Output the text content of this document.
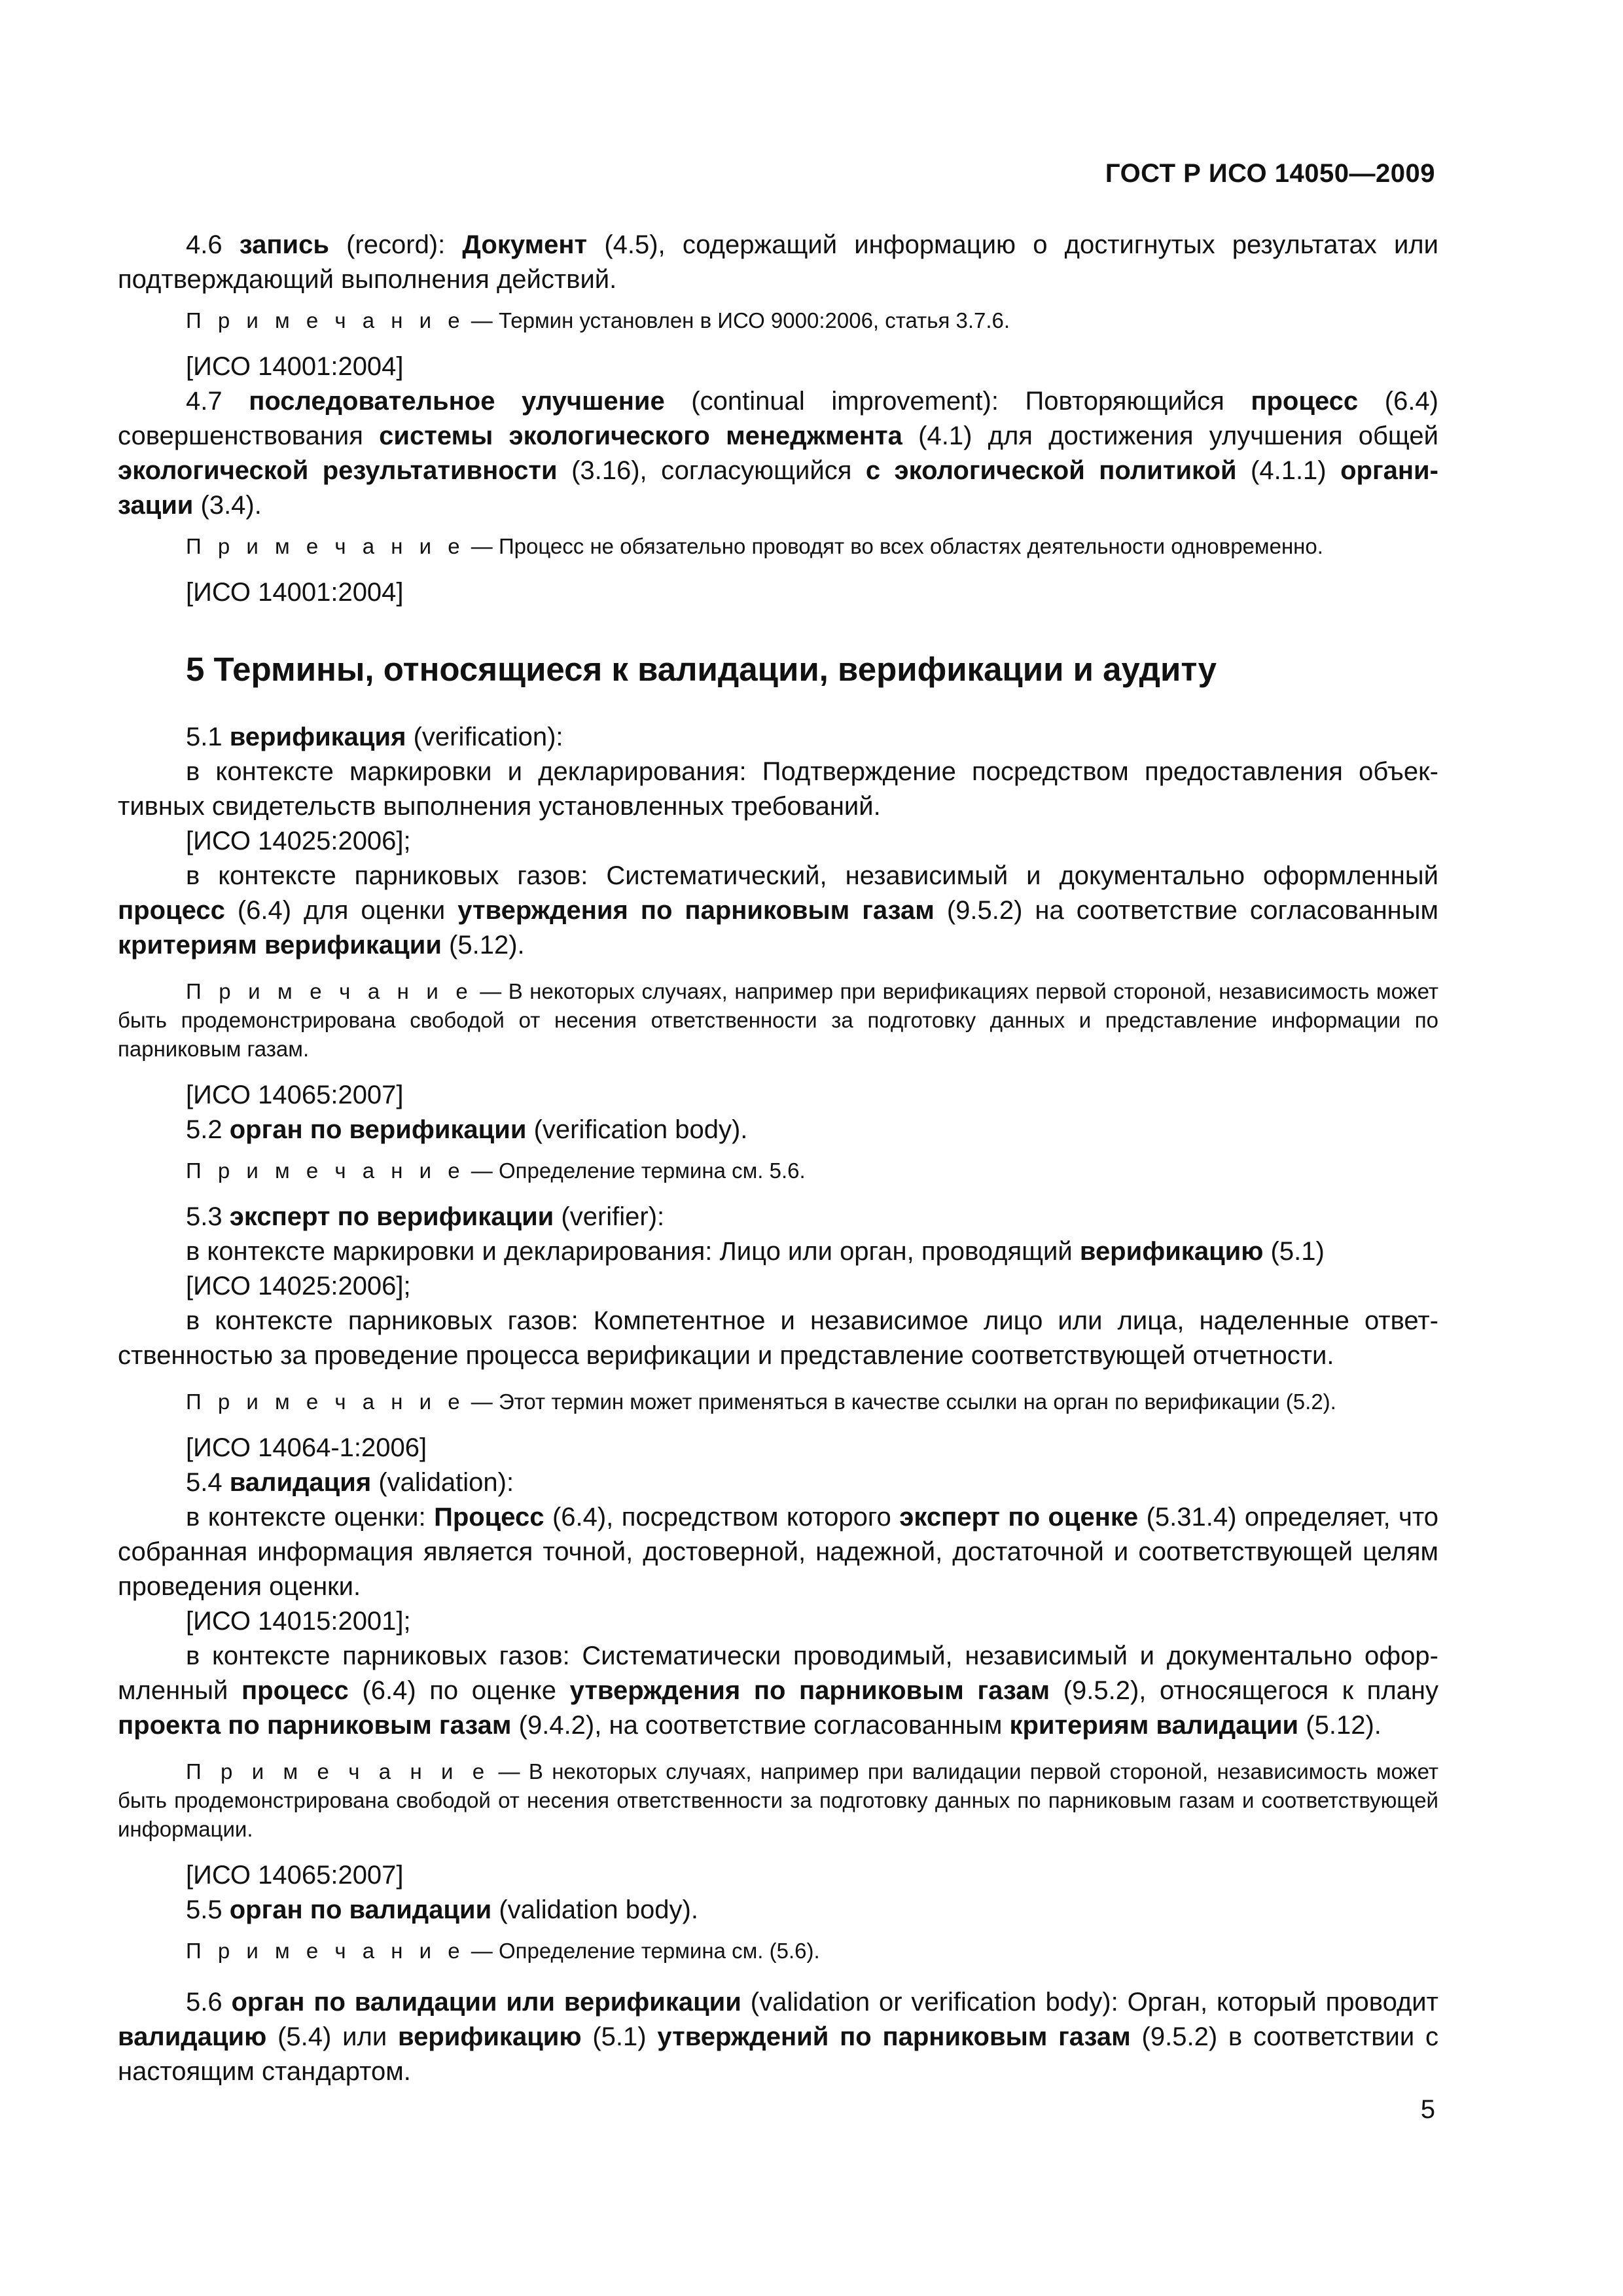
ГОСТ Р ИСО 14050—2009

4.6 запись (record): Документ (4.5), содержащий информацию о достигнутых результатах или подтверждающий выполнения действий.

П р и м е ч а н и е — Термин установлен в ИСО 9000:2006, статья 3.7.6.

[ИСО 14001:2004]

4.7 последовательное улучшение (continual improvement): Повторяющийся процесс (6.4) совершенствования системы экологического менеджмента (4.1) для достижения улучшения общей экологической результативности (3.16), согласующийся с экологической политикой (4.1.1) организации (3.4).

П р и м е ч а н и е — Процесс не обязательно проводят во всех областях деятельности одновременно.

[ИСО 14001:2004]

5 Термины, относящиеся к валидации, верификации и аудиту

5.1 верификация (verification):

в контексте маркировки и декларирования: Подтверждение посредством предоставления объективных свидетельств выполнения установленных требований.

[ИСО 14025:2006];

в контексте парниковых газов: Систематический, независимый и документально оформленный процесс (6.4) для оценки утверждения по парниковым газам (9.5.2) на соответствие согласованным критериям верификации (5.12).

П р и м е ч а н и е — В некоторых случаях, например при верификациях первой стороной, независимость может быть продемонстрирована свободой от несения ответственности за подготовку данных и представление информации по парниковым газам.

[ИСО 14065:2007]

5.2 орган по верификации (verification body).

П р и м е ч а н и е — Определение термина см. 5.6.

5.3 эксперт по верификации (verifier):

в контексте маркировки и декларирования: Лицо или орган, проводящий верификацию (5.1)

[ИСО 14025:2006];

в контексте парниковых газов: Компетентное и независимое лицо или лица, наделенные ответственностью за проведение процесса верификации и представление соответствующей отчетности.

П р и м е ч а н и е — Этот термин может применяться в качестве ссылки на орган по верификации (5.2).

[ИСО 14064-1:2006]

5.4 валидация (validation):

в контексте оценки: Процесс (6.4), посредством которого эксперт по оценке (5.31.4) определяет, что собранная информация является точной, достоверной, надежной, достаточной и соответствующей целям проведения оценки.

[ИСО 14015:2001];

в контексте парниковых газов: Систематически проводимый, независимый и документально оформленный процесс (6.4) по оценке утверждения по парниковым газам (9.5.2), относящегося к плану проекта по парниковым газам (9.4.2), на соответствие согласованным критериям валидации (5.12).

П р и м е ч а н и е — В некоторых случаях, например при валидации первой стороной, независимость может быть продемонстрирована свободой от несения ответственности за подготовку данных по парниковым газам и соответствующей информации.

[ИСО 14065:2007]

5.5 орган по валидации (validation body).

П р и м е ч а н и е — Определение термина см. (5.6).

5.6 орган по валидации или верификации (validation or verification body): Орган, который проводит валидацию (5.4) или верификацию (5.1) утверждений по парниковым газам (9.5.2) в соответствии с настоящим стандартом.

5
